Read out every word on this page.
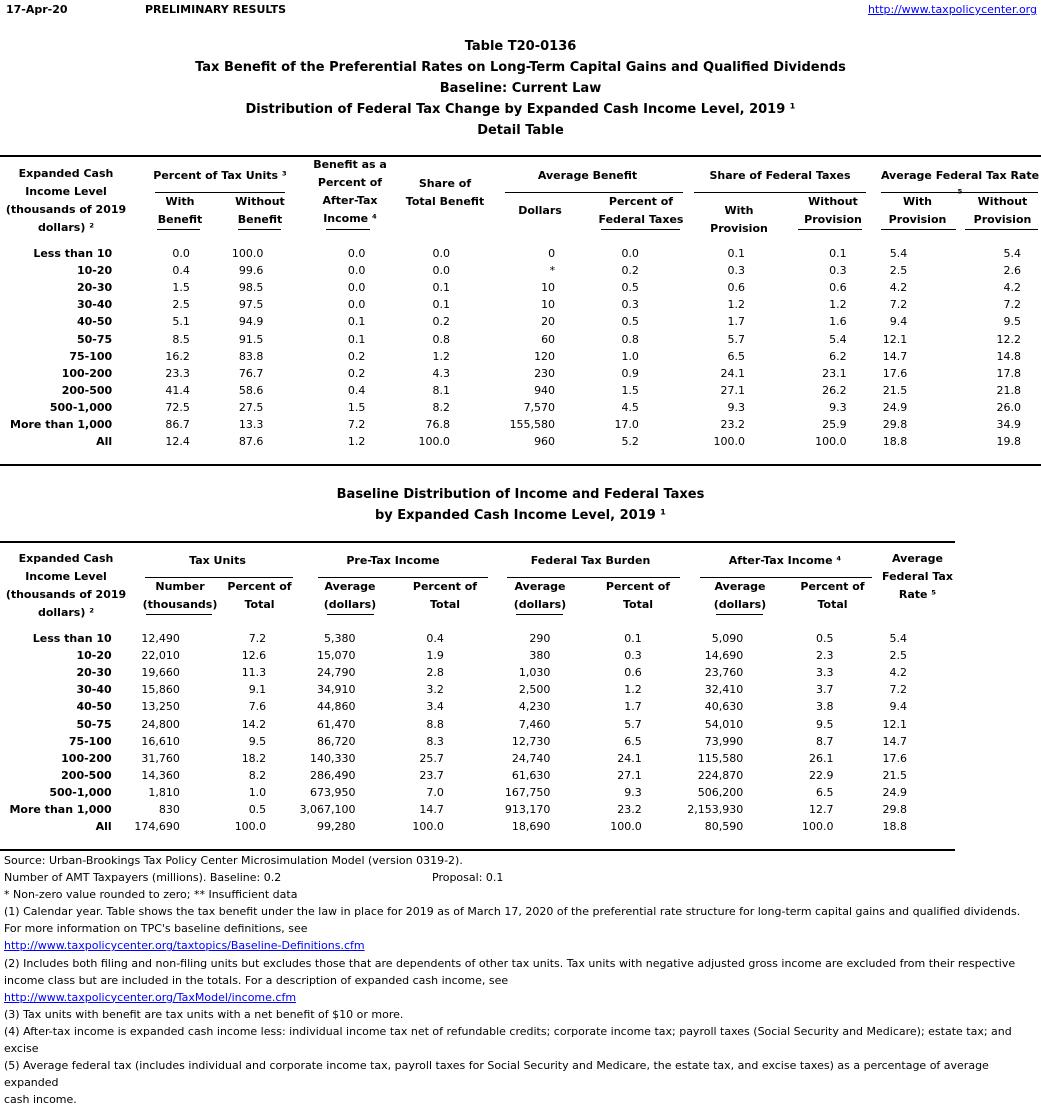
17-Apr-20	PRELIMINARY RESULTS	http://www.taxpolicycenter.org
Table T20-0136
Tax Benefit of the Preferential Rates on Long-Term Capital Gains and Qualified Dividends
Baseline: Current Law
Distribution of Federal Tax Change by Expanded Cash Income Level, 2019 ¹
Detail Table
Expanded Cash Income Level (thousands of 2019 dollars) ²
Percent of Tax Units ³
With Benefit
Without Benefit
Benefit as a Percent of After-Tax Income ⁴
Share of Total Benefit
Average Benefit
Dollars
Percent of Federal Taxes
Share of Federal Taxes
With Provision
Without Provision
Average Federal Tax Rate ⁵
With Provision
Without Provision
Less than 10	0.0	100.0	0.0	0.0	0	0.0	0.1	0.1	5.4	5.4
10-20	0.4	99.6	0.0	0.0	*	0.2	0.3	0.3	2.5	2.6
20-30	1.5	98.5	0.0	0.1	10	0.5	0.6	0.6	4.2	4.2
30-40	2.5	97.5	0.0	0.1	10	0.3	1.2	1.2	7.2	7.2
40-50	5.1	94.9	0.1	0.2	20	0.5	1.7	1.6	9.4	9.5
50-75	8.5	91.5	0.1	0.8	60	0.8	5.7	5.4	12.1	12.2
75-100	16.2	83.8	0.2	1.2	120	1.0	6.5	6.2	14.7	14.8
100-200	23.3	76.7	0.2	4.3	230	0.9	24.1	23.1	17.6	17.8
200-500	41.4	58.6	0.4	8.1	940	1.5	27.1	26.2	21.5	21.8
500-1,000	72.5	27.5	1.5	8.2	7,570	4.5	9.3	9.3	24.9	26.0
More than 1,000	86.7	13.3	7.2	76.8	155,580	17.0	23.2	25.9	29.8	34.9
All	12.4	87.6	1.2	100.0	960	5.2	100.0	100.0	18.8	19.8
Baseline Distribution of Income and Federal Taxes
by Expanded Cash Income Level, 2019 ¹
Expanded Cash Income Level (thousands of 2019 dollars) ²
Tax Units
Number (thousands)
Percent of Total
Pre-Tax Income
Average (dollars)
Percent of Total
Federal Tax Burden
Average (dollars)
Percent of Total
After-Tax Income ⁴
Average (dollars)
Percent of Total
Average Federal Tax Rate ⁵
Less than 10	12,490	7.2	5,380	0.4	290	0.1	5,090	0.5	5.4
10-20	22,010	12.6	15,070	1.9	380	0.3	14,690	2.3	2.5
20-30	19,660	11.3	24,790	2.8	1,030	0.6	23,760	3.3	4.2
30-40	15,860	9.1	34,910	3.2	2,500	1.2	32,410	3.7	7.2
40-50	13,250	7.6	44,860	3.4	4,230	1.7	40,630	3.8	9.4
50-75	24,800	14.2	61,470	8.8	7,460	5.7	54,010	9.5	12.1
75-100	16,610	9.5	86,720	8.3	12,730	6.5	73,990	8.7	14.7
100-200	31,760	18.2	140,330	25.7	24,740	24.1	115,580	26.1	17.6
200-500	14,360	8.2	286,490	23.7	61,630	27.1	224,870	22.9	21.5
500-1,000	1,810	1.0	673,950	7.0	167,750	9.3	506,200	6.5	24.9
More than 1,000	830	0.5	3,067,100	14.7	913,170	23.2	2,153,930	12.7	29.8
All	174,690	100.0	99,280	100.0	18,690	100.0	80,590	100.0	18.8
Source: Urban-Brookings Tax Policy Center Microsimulation Model (version 0319-2).
Number of AMT Taxpayers (millions). Baseline: 0.2	Proposal: 0.1
* Non-zero value rounded to zero; ** Insufficient data
(1) Calendar year. Table shows the tax benefit under the law in place for 2019 as of March 17, 2020 of the preferential rate structure for long-term capital gains and qualified dividends.
For more information on TPC's baseline definitions, see
http://www.taxpolicycenter.org/taxtopics/Baseline-Definitions.cfm
(2) Includes both filing and non-filing units but excludes those that are dependents of other tax units. Tax units with negative adjusted gross income are excluded from their respective
income class but are included in the totals. For a description of expanded cash income, see
http://www.taxpolicycenter.org/TaxModel/income.cfm
(3) Tax units with benefit are tax units with a net benefit of $10 or more.
(4) After-tax income is expanded cash income less: individual income tax net of refundable credits; corporate income tax; payroll taxes (Social Security and Medicare); estate tax; and excise
(5) Average federal tax (includes individual and corporate income tax, payroll taxes for Social Security and Medicare, the estate tax, and excise taxes) as a percentage of average expanded
cash income.
